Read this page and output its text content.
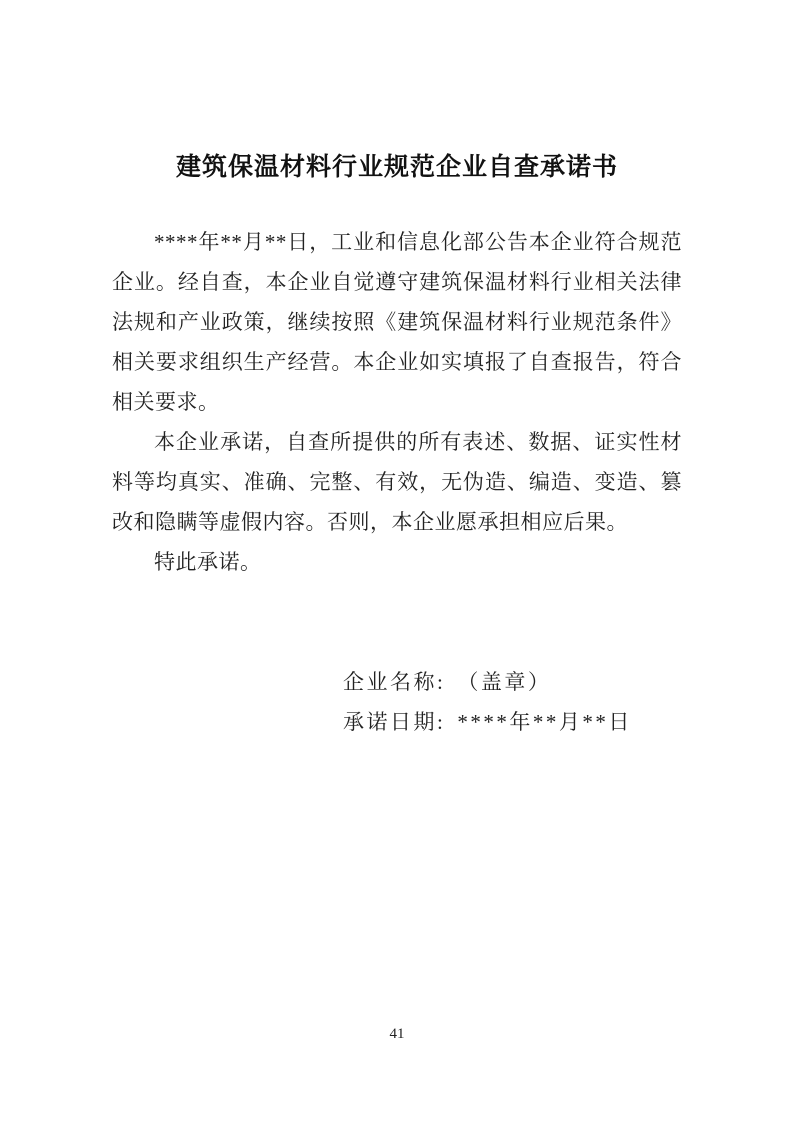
建筑保温材料行业规范企业自查承诺书

****年**月**日，工业和信息化部公告本企业符合规范企业。经自查，本企业自觉遵守建筑保温材料行业相关法律法规和产业政策，继续按照《建筑保温材料行业规范条件》相关要求组织生产经营。本企业如实填报了自查报告，符合相关要求。

本企业承诺，自查所提供的所有表述、数据、证实性材料等均真实、准确、完整、有效，无伪造、编造、变造、篡改和隐瞒等虚假内容。否则，本企业愿承担相应后果。

特此承诺。

企业名称: （盖章）
承诺日期: ****年**月**日
41
